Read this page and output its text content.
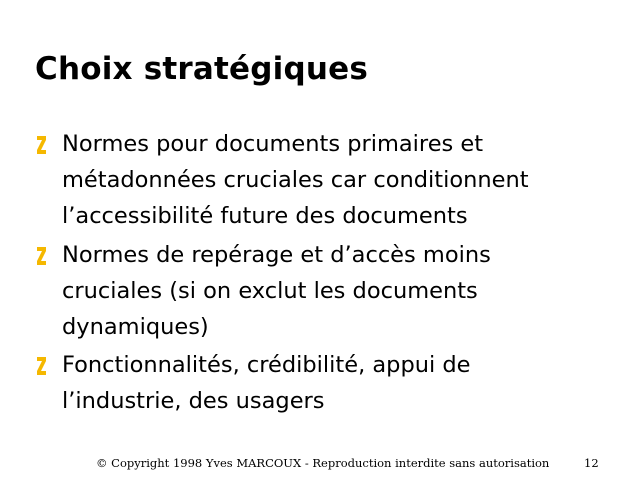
Choix stratégiques
Normes pour documents primaires et
métadonnées cruciales car conditionnent
l’accessibilité future des documents
Normes de repérage et d’accès moins
cruciales (si on exclut les documents
dynamiques)
Fonctionnalités, crédibilité, appui de
l’industrie, des usagers
© Copyright 1998 Yves MARCOUX - Reproduction interdite sans autorisation	12
